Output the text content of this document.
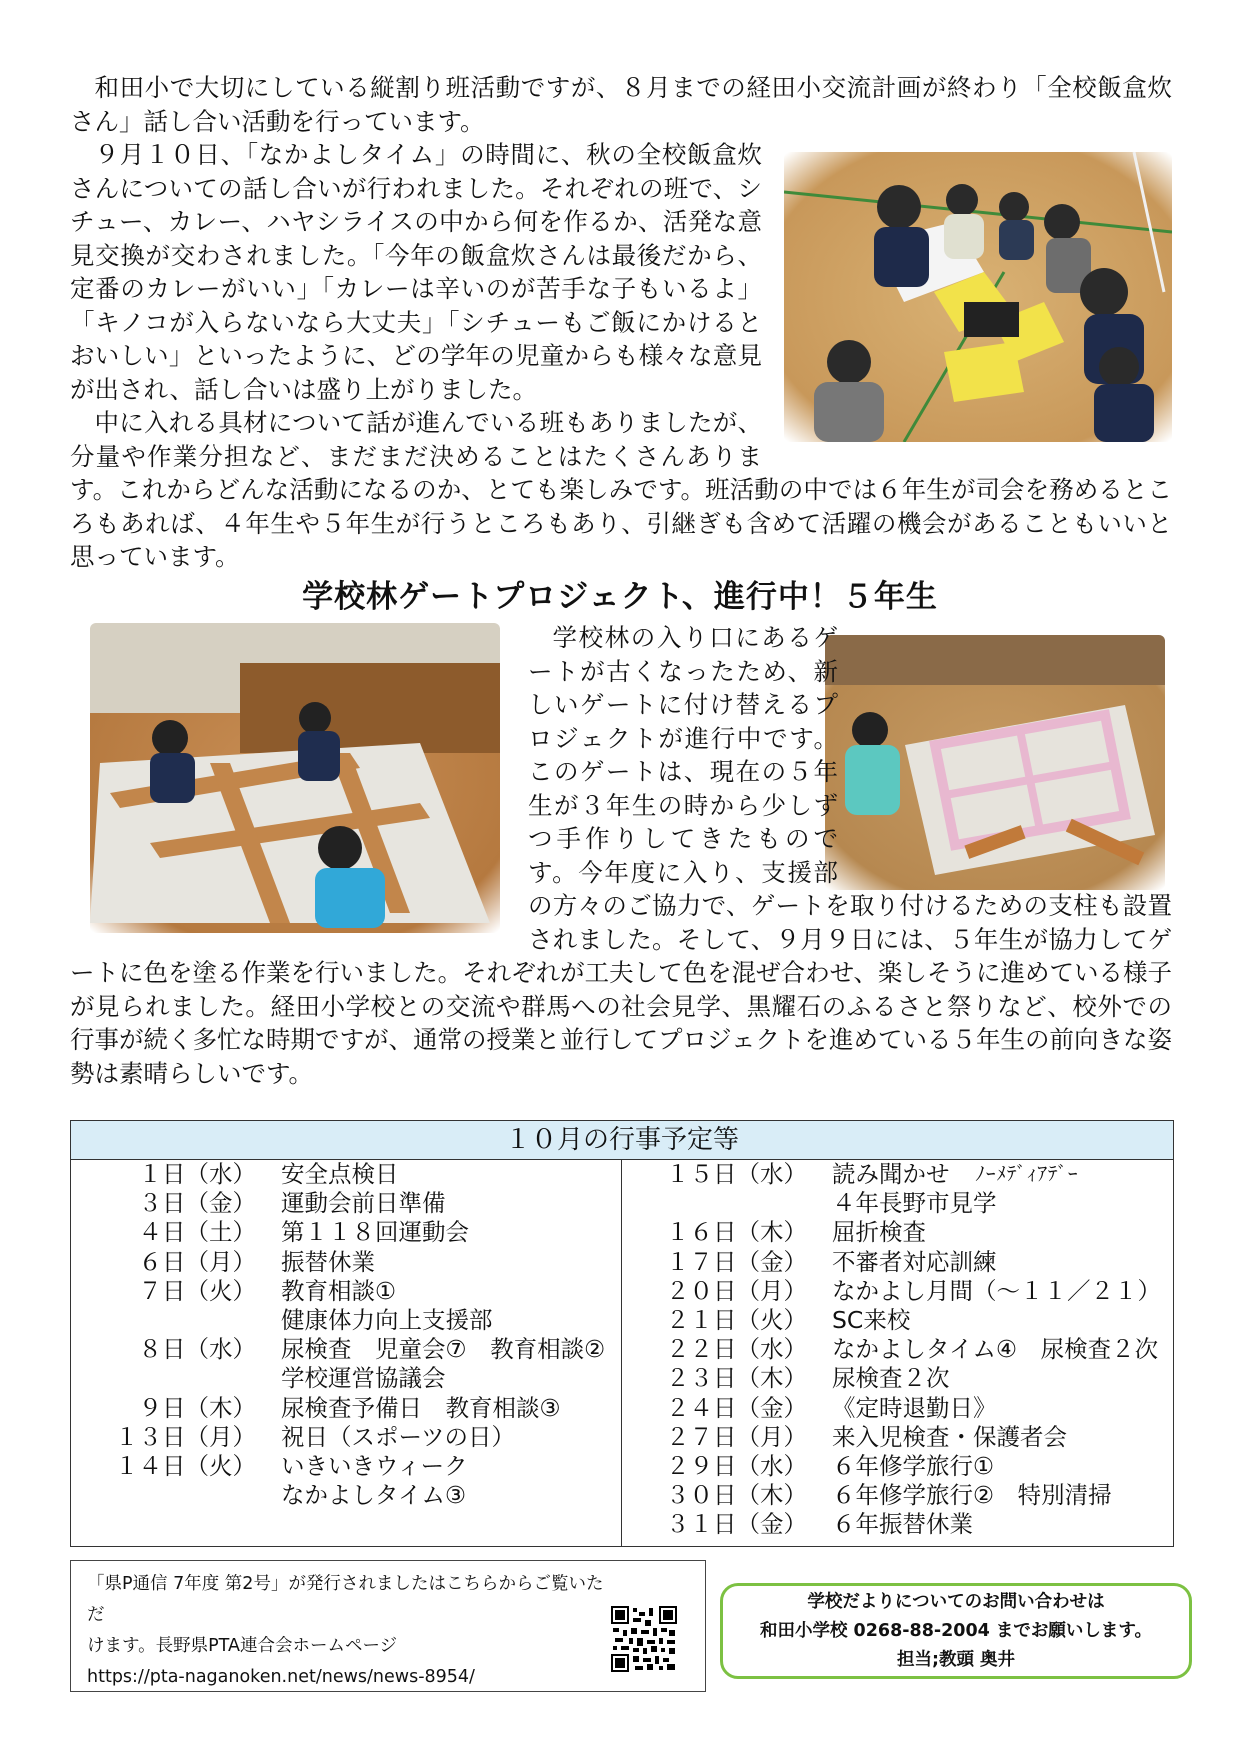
和田小で大切にしている縦割り班活動ですが、８月までの経田小交流計画が終わり「全校飯盒炊さん」話し合い活動を行っています。

９月１０日、「なかよしタイム」の時間に、秋の全校飯盒炊さんについての話し合いが行われました。それぞれの班で、シチュー、カレー、ハヤシライスの中から何を作るか、活発な意見交換が交わされました。「今年の飯盒炊さんは最後だから、定番のカレーがいい」「カレーは辛いのが苦手な子もいるよ」「キノコが入らないなら大丈夫」「シチューもご飯にかけるとおいしい」といったように、どの学年の児童からも様々な意見が出され、話し合いは盛り上がりました。

中に入れる具材について話が進んでいる班もありましたが、分量や作業分担など、まだまだ決めることはたくさんあります。これからどんな活動になるのか、とても楽しみです。班活動の中では６年生が司会を務めるところもあれば、４年生や５年生が行うところもあり、引継ぎも含めて活躍の機会があることもいいと思っています。

学校林ゲートプロジェクト、進行中！５年生

学校林の入り口にあるゲートが古くなったため、新しいゲートに付け替えるプロジェクトが進行中です。このゲートは、現在の５年生が３年生の時から少しずつ手作りしてきたものです。今年度に入り、支援部の方々のご協力で、ゲートを取り付けるための支柱も設置されました。そして、９月９日には、５年生が協力してゲートに色を塗る作業を行いました。それぞれが工夫して色を混ぜ合わせ、楽しそうに進めている様子が見られました。経田小学校との交流や群馬への社会見学、黒耀石のふるさと祭りなど、校外での行事が続く多忙な時期ですが、通常の授業と並行してプロジェクトを進めている５年生の前向きな姿勢は素晴らしいです。

１０月の行事予定等
１日（水）	安全点検日
３日（金）	運動会前日準備
４日（土）	第１１８回運動会
６日（月）	振替休業
７日（火）	教育相談①
健康体力向上支援部
８日（水）	尿検査　児童会⑦　教育相談②
学校運営協議会
９日（木）	尿検査予備日　教育相談③
１３日（月）	祝日（スポーツの日）
１４日（火）	いきいきウィーク
なかよしタイム③
１５日（水）	読み聞かせ	ﾉｰﾒﾃﾞｨｱﾃﾞｰ
４年長野市見学
１６日（木）	屈折検査
１７日（金）	不審者対応訓練
２０日（月）	なかよし月間（～１１／２１）
２１日（火）	SC来校
２２日（水）	なかよしタイム④　尿検査２次
２３日（木）	尿検査２次
２４日（金）	《定時退勤日》
２７日（月）	来入児検査・保護者会
２９日（水）	６年修学旅行①
３０日（木）	６年修学旅行②　特別清掃
３１日（金）	６年振替休業
「県P通信 7年度 第2号」が発行されましたはこちらからご覧いただ
けます。長野県PTA連合会ホームページ
https://pta-naganoken.net/news/news-8954/
学校だよりについてのお問い合わせは
和田小学校 0268-88-2004 までお願いします。
担当;教頭 奥井
